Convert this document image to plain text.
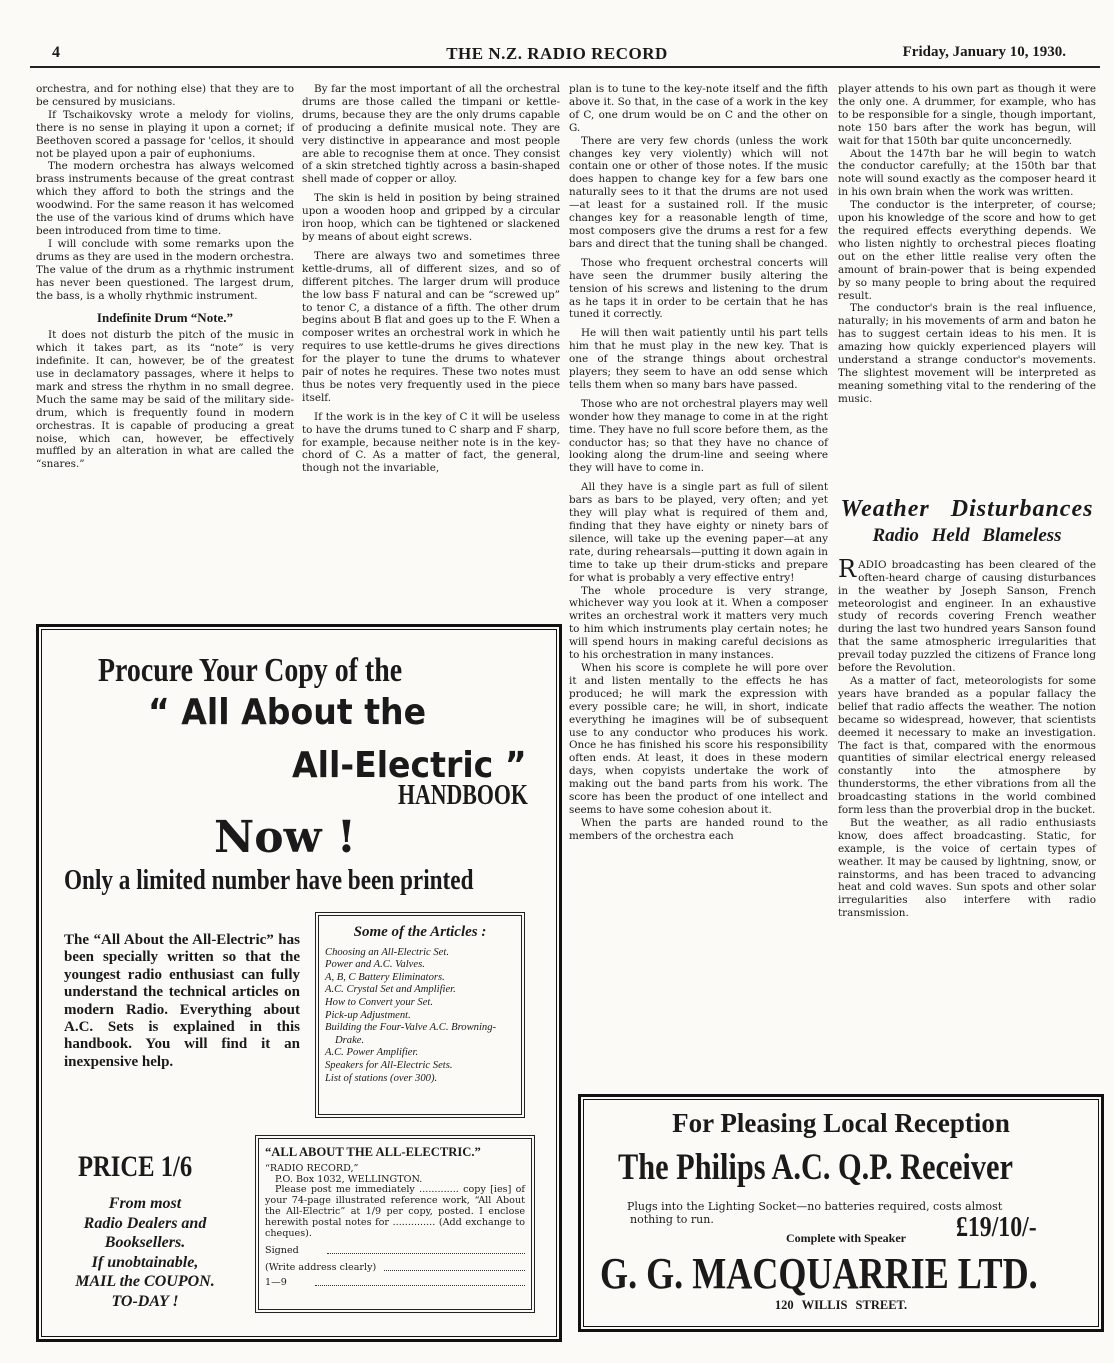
4	THE N.Z. RADIO RECORD	Friday, January 10, 1930.

orchestra, and for nothing else) that they are to be censured by musicians.

If Tschaikovsky wrote a melody for violins, there is no sense in playing it upon a cornet; if Beethoven scored a passage for 'cellos, it should not be played upon a pair of euphoniums.

The modern orchestra has always welcomed brass instruments because of the great contrast which they afford to both the strings and the woodwind. For the same reason it has welcomed the use of the various kind of drums which have been introduced from time to time.

I will conclude with some remarks upon the drums as they are used in the modern orchestra. The value of the drum as a rhythmic instrument has never been questioned. The largest drum, the bass, is a wholly rhythmic instrument.

Indefinite Drum “Note.”

It does not disturb the pitch of the music in which it takes part, as its “note” is very indefinite. It can, however, be of the greatest use in declamatory passages, where it helps to mark and stress the rhythm in no small degree. Much the same may be said of the military side-drum, which is frequently found in modern orchestras. It is capable of producing a great noise, which can, however, be effectively muffled by an alteration in what are called the “snares.”

By far the most important of all the orchestral drums are those called the timpani or kettle-drums, because they are the only drums capable of producing a definite musical note. They are very distinctive in appearance and most people are able to recognise them at once. They consist of a skin stretched tightly across a basin-shaped shell made of copper or alloy.

The skin is held in position by being strained upon a wooden hoop and gripped by a circular iron hoop, which can be tightened or slackened by means of about eight screws.

There are always two and sometimes three kettle-drums, all of different sizes, and so of different pitches. The larger drum will produce the low bass F natural and can be “screwed up” to tenor C, a distance of a fifth. The other drum begins about B flat and goes up to the F. When a composer writes an orchestral work in which he requires to use kettle-drums he gives directions for the player to tune the drums to whatever pair of notes he requires. These two notes must thus be notes very frequently used in the piece itself.

If the work is in the key of C it will be useless to have the drums tuned to C sharp and F sharp, for example, because neither note is in the key-chord of C. As a matter of fact, the general, though not the invariable,

plan is to tune to the key-note itself and the fifth above it. So that, in the case of a work in the key of C, one drum would be on C and the other on G.

There are very few chords (unless the work changes key very violently) which will not contain one or other of those notes. If the music does happen to change key for a few bars one naturally sees to it that the drums are not used—at least for a sustained roll. If the music changes key for a reasonable length of time, most composers give the drums a rest for a few bars and direct that the tuning shall be changed.

Those who frequent orchestral concerts will have seen the drummer busily altering the tension of his screws and listening to the drum as he taps it in order to be certain that he has tuned it correctly.

He will then wait patiently until his part tells him that he must play in the new key. That is one of the strange things about orchestral players; they seem to have an odd sense which tells them when so many bars have passed.

Those who are not orchestral players may well wonder how they manage to come in at the right time. They have no full score before them, as the conductor has; so that they have no chance of looking along the drum-line and seeing where they will have to come in.

All they have is a single part as full of silent bars as bars to be played, very often; and yet they will play what is required of them and, finding that they have eighty or ninety bars of silence, will take up the evening paper—at any rate, during rehearsals—putting it down again in time to take up their drum-sticks and prepare for what is probably a very effective entry!

The whole procedure is very strange, whichever way you look at it. When a composer writes an orchestral work it matters very much to him which instruments play certain notes; he will spend hours in making careful decisions as to his orchestration in many instances.

When his score is complete he will pore over it and listen mentally to the effects he has produced; he will mark the expression with every possible care; he will, in short, indicate everything he imagines will be of subsequent use to any conductor who produces his work. Once he has finished his score his responsibility often ends. At least, it does in these modern days, when copyists undertake the work of making out the band parts from his work. The score has been the product of one intellect and seems to have some cohesion about it.

When the parts are handed round to the members of the orchestra each

player attends to his own part as though it were the only one. A drummer, for example, who has to be responsible for a single, though important, note 150 bars after the work has begun, will wait for that 150th bar quite unconcernedly.

About the 147th bar he will begin to watch the conductor carefully; at the 150th bar that note will sound exactly as the composer heard it in his own brain when the work was written.

The conductor is the interpreter, of course; upon his knowledge of the score and how to get the required effects everything depends. We who listen nightly to orchestral pieces floating out on the ether little realise very often the amount of brain-power that is being expended by so many people to bring about the required result.

The conductor's brain is the real influence, naturally; in his movements of arm and baton he has to suggest certain ideas to his men. It is amazing how quickly experienced players will understand a strange conductor's movements. The slightest movement will be interpreted as meaning something vital to the rendering of the music.

Weather Disturbances
Radio Held Blameless

RADIO broadcasting has been cleared of the often-heard charge of causing disturbances in the weather by Joseph Sanson, French meteorologist and engineer. In an exhaustive study of records covering French weather during the last two hundred years Sanson found that the same atmospheric irregularities that prevail today puzzled the citizens of France long before the Revolution.

As a matter of fact, meteorologists for some years have branded as a popular fallacy the belief that radio affects the weather. The notion became so widespread, however, that scientists deemed it necessary to make an investigation. The fact is that, compared with the enormous quantities of similar electrical energy released constantly into the atmosphere by thunderstorms, the ether vibrations from all the broadcasting stations in the world combined form less than the proverbial drop in the bucket.

But the weather, as all radio enthusiasts know, does affect broadcasting. Static, for example, is the voice of certain types of weather. It may be caused by lightning, snow, or rainstorms, and has been traced to advancing heat and cold waves. Sun spots and other solar irregularities also interfere with radio transmission.

Procure Your Copy of the
“ All About the
All-Electric ”
HANDBOOK
Now !
Only a limited number have been printed
The “All About the All-Electric” has been specially written so that the youngest radio enthusiast can fully understand the technical articles on modern Radio. Everything about A.C. Sets is explained in this handbook. You will find it an inexpensive help.
Some of the Articles :
Choosing an All-Electric Set.
Power and A.C. Valves.
A, B, C Battery Eliminators.
A.C. Crystal Set and Amplifier.
How to Convert your Set.
Pick-up Adjustment.
Building the Four-Valve A.C. Browning-Drake.
A.C. Power Amplifier.
Speakers for All-Electric Sets.
List of stations (over 300).
PRICE 1/6
From most
Radio Dealers and
Booksellers.
If unobtainable,
MAIL the COUPON.
TO-DAY !
“ALL ABOUT THE ALL-ELECTRIC.”
“RADIO RECORD,”
P.O. Box 1032, WELLINGTON.
Please post me immediately ............. copy [ies] of your 74-page illustrated reference work, “All About the All-Electric” at 1/9 per copy, posted. I enclose herewith postal notes for .............. (Add exchange to cheques).
Signed
(Write address clearly)
1—9
For Pleasing Local Reception
The Philips A.C. Q.P. Receiver
Plugs into the Lighting Socket—no batteries required, costs almost nothing to run.
Complete with Speaker £19/10/-
G. G. MACQUARRIE LTD.
120 WILLIS STREET.
